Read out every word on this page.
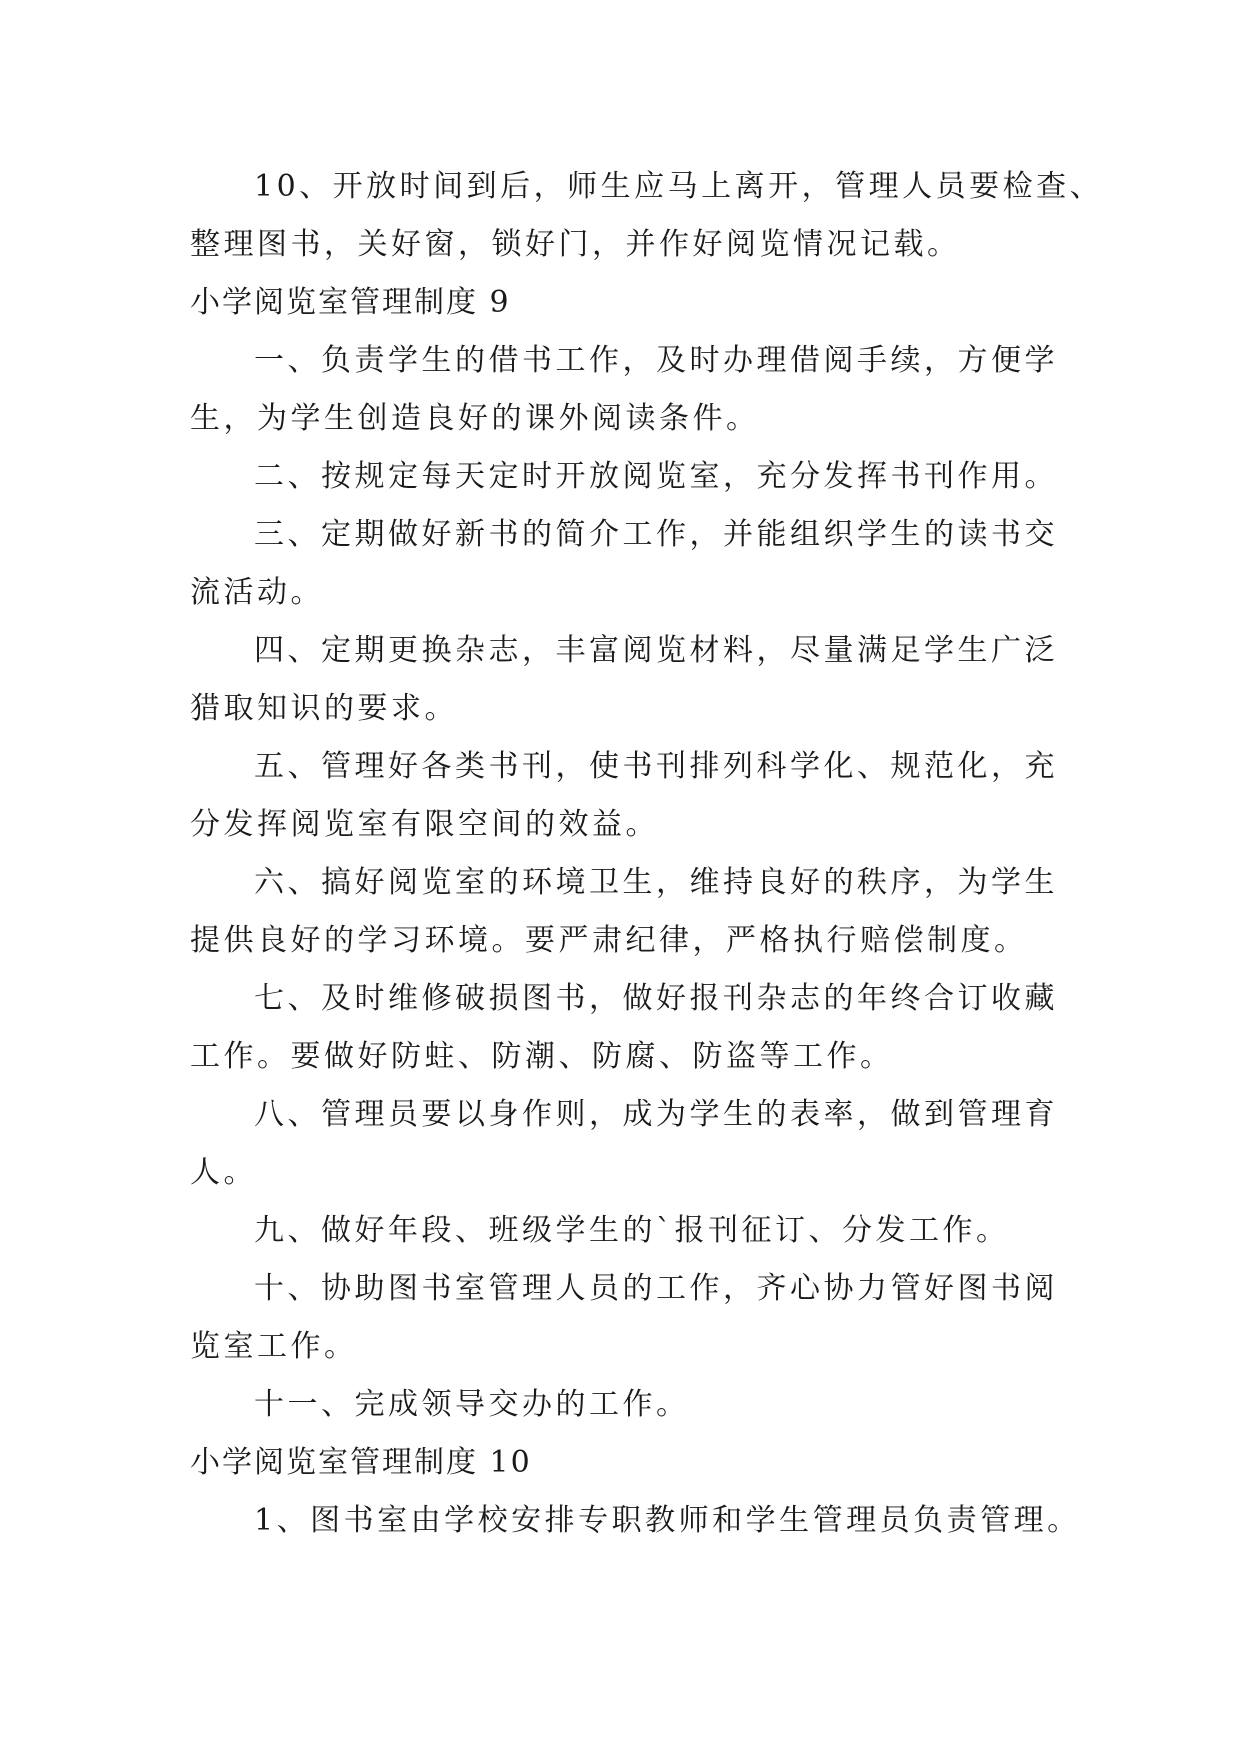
10、开放时间到后，师生应马上离开，管理人员要检查、
整理图书，关好窗，锁好门，并作好阅览情况记载。
小学阅览室管理制度 9
一、负责学生的借书工作，及时办理借阅手续，方便学
生，为学生创造良好的课外阅读条件。
二、按规定每天定时开放阅览室，充分发挥书刊作用。
三、定期做好新书的简介工作，并能组织学生的读书交
流活动。
四、定期更换杂志，丰富阅览材料，尽量满足学生广泛
猎取知识的要求。
五、管理好各类书刊，使书刊排列科学化、规范化，充
分发挥阅览室有限空间的效益。
六、搞好阅览室的环境卫生，维持良好的秩序，为学生
提供良好的学习环境。要严肃纪律，严格执行赔偿制度。
七、及时维修破损图书，做好报刊杂志的年终合订收藏
工作。要做好防蛀、防潮、防腐、防盗等工作。
八、管理员要以身作则，成为学生的表率，做到管理育
人。
九、做好年段、班级学生的`报刊征订、分发工作。
十、协助图书室管理人员的工作，齐心协力管好图书阅
览室工作。
十一、完成领导交办的工作。
小学阅览室管理制度 10
1、图书室由学校安排专职教师和学生管理员负责管理。
